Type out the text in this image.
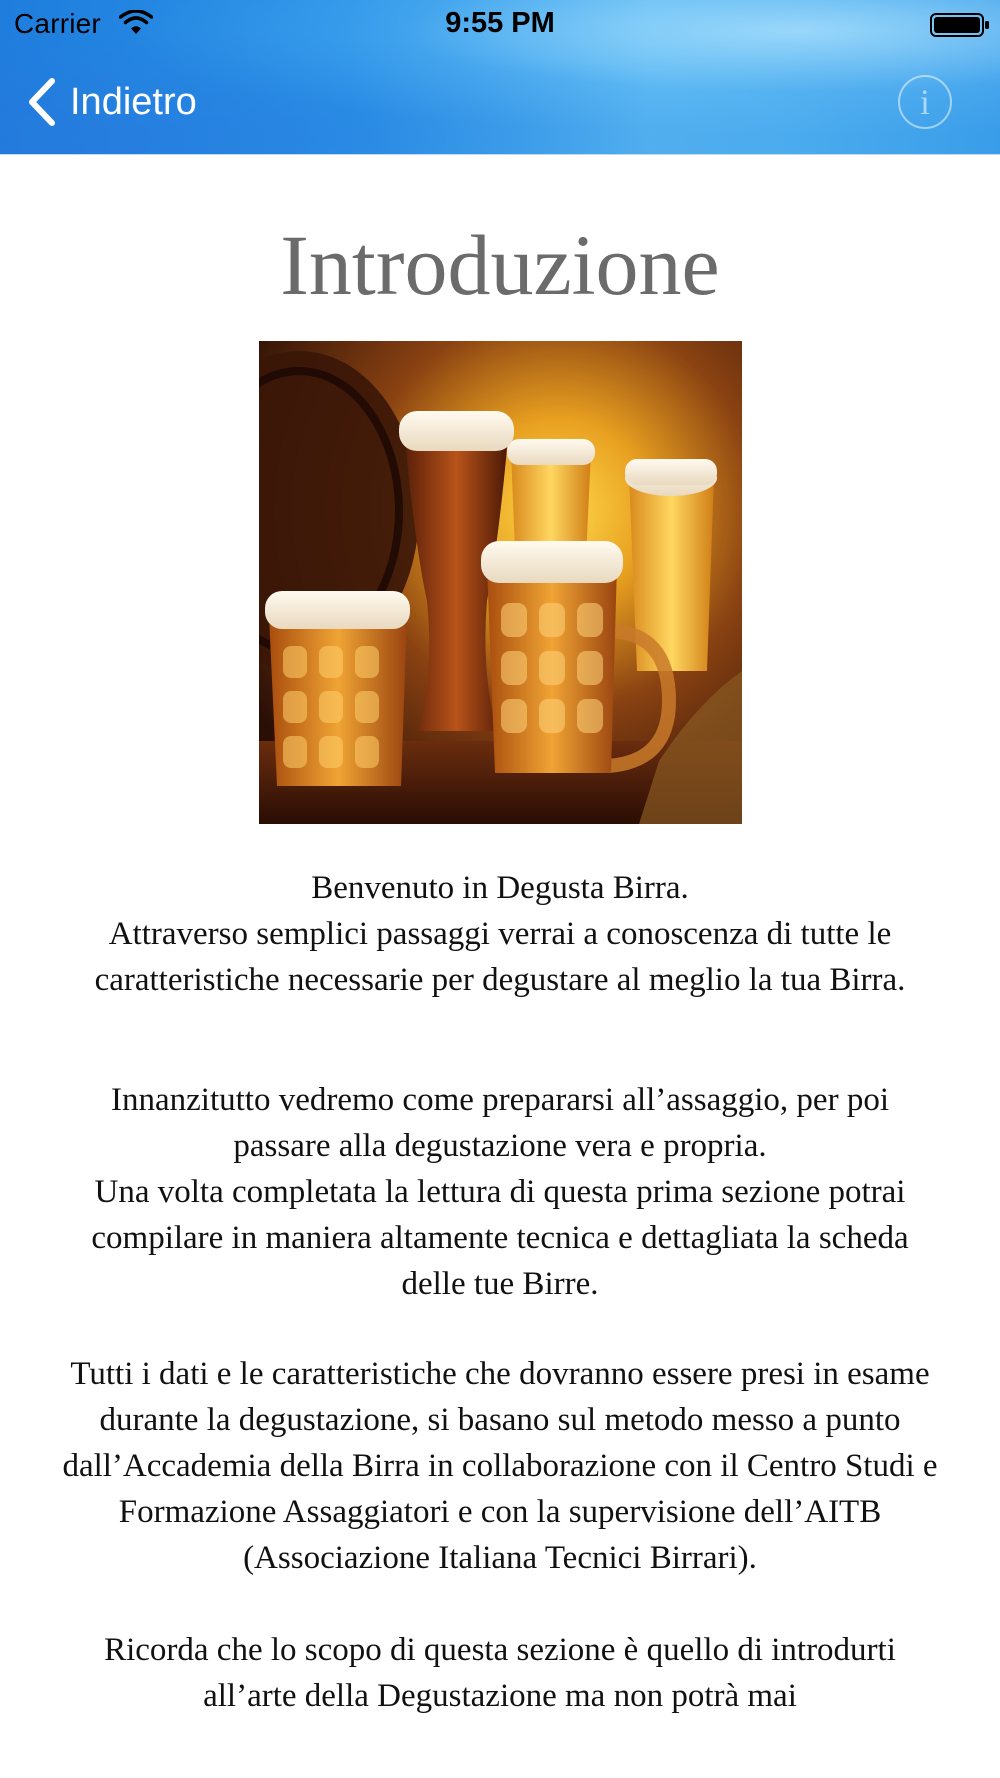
Carrier	9:55 PM
Indietro	i
Introduzione

Benvenuto in Degusta Birra.
Attraverso semplici passaggi verrai a conoscenza di tutte le caratteristiche necessarie per degustare al meglio la tua Birra.

Innanzitutto vedremo come prepararsi all’assaggio, per poi passare alla degustazione vera e propria.
Una volta completata la lettura di questa prima sezione potrai compilare in maniera altamente tecnica e dettagliata la scheda delle tue Birre.

Tutti i dati e le caratteristiche che dovranno essere presi in esame durante la degustazione, si basano sul metodo messo a punto dall’Accademia della Birra in collaborazione con il Centro Studi e Formazione Assaggiatori e con la supervisione dell’AITB (Associazione Italiana Tecnici Birrari).

Ricorda che lo scopo di questa sezione è quello di introdurti all’arte della Degustazione ma non potrà mai
